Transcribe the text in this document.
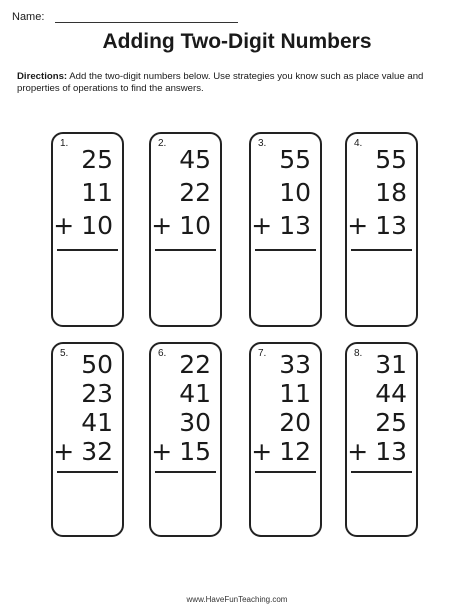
Name:
Adding Two-Digit Numbers
Directions: Add the two-digit numbers below. Use strategies you know such as place value and properties of operations to find the answers.
1.
25
11
+ 10
2.
45
22
+ 10
3.
55
10
+ 13
4.
55
18
+ 13
5. 50
23
41
+ 32
6. 22
41
30
+ 15
7. 33
11
20
+ 12
8. 31
44
25
+ 13
www.HaveFunTeaching.com
